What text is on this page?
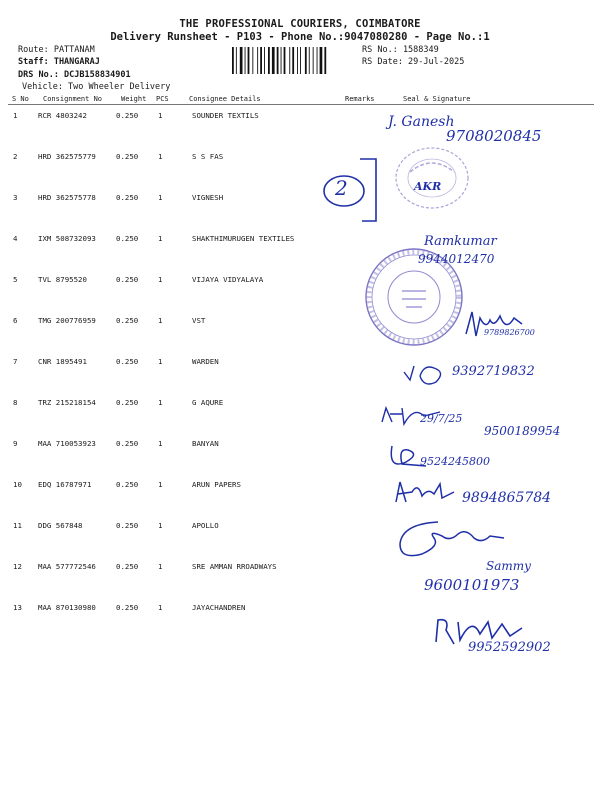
THE PROFESSIONAL COURIERS, COIMBATORE
Delivery Runsheet - P103 - Phone No.:9047080280 - Page No.:1
Route: PATTANAM
Staff: THANGARAJ
DRS No.: DCJB158834901
Vehicle: Two Wheeler Delivery
RS No.: 1588349
RS Date: 29-Jul-2025
S No Consignment No	Weight PCS	Consignee Details	Remarks	Seal & Signature
1	RCR 4803242	0.250	1	SOUNDER TEXTILS
2	HRD 362575779	0.250	1	S S FAS
3	HRD 362575778	0.250	1	VIGNESH
4	IXM 508732093	0.250	1	SHAKTHIMURUGEN TEXTILES
5	TVL 8795520	0.250	1	VIJAYA VIDYALAYA
6	TMG 200776959	0.250	1	VST
7	CNR 1895491	0.250	1	WARDEN
8	TRZ 215218154	0.250	1	G AQURE
9	MAA 710053923	0.250	1	BANYAN
10 EDQ 16787971	0.250	1	ARUN PAPERS
11 DDG 567848	0.250	1	APOLLO
12 MAA 577772546	0.250	1	SRE AMMAN RROADWAYS
13 MAA 870130980	0.250	1	JAYACHANDREN
J. Ganesh
9708020845
2	AKR
Ramkumar
9944012470
9789826700
9392719832
29/7/25
9500189954
9524245800
9894865784
Sammy
9600101973
9952592902
